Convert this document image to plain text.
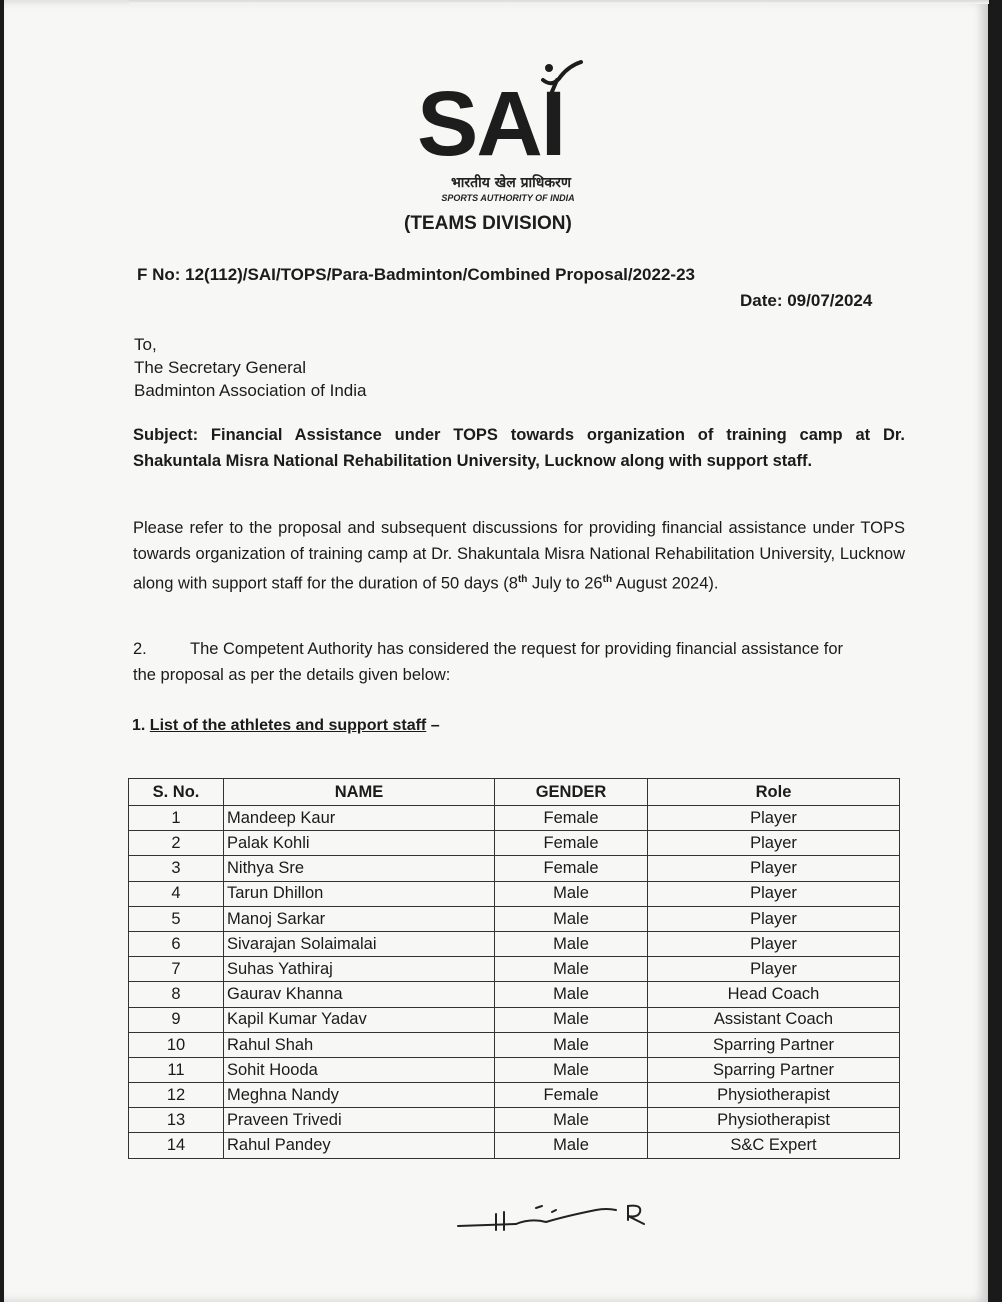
SAI
भारतीय खेल प्राधिकरण
SPORTS AUTHORITY OF INDIA
(TEAMS DIVISION)
F No: 12(112)/SAI/TOPS/Para-Badminton/Combined Proposal/2022-23
Date: 09/07/2024
To,
The Secretary General
Badminton Association of India
Subject: Financial Assistance under TOPS towards organization of training camp at Dr. Shakuntala Misra National Rehabilitation University, Lucknow along with support staff.
Please refer to the proposal and subsequent discussions for providing financial assistance under TOPS towards organization of training camp at Dr. Shakuntala Misra National Rehabilitation University, Lucknow along with support staff for the duration of 50 days (8th July to 26th August 2024).
2.	The Competent Authority has considered the request for providing financial assistance for the proposal as per the details given below:
1. List of the athletes and support staff –
S. No.	NAME	GENDER	Role
1	Mandeep Kaur	Female	Player
2	Palak Kohli	Female	Player
3	Nithya Sre	Female	Player
4	Tarun Dhillon	Male	Player
5	Manoj Sarkar	Male	Player
6	Sivarajan Solaimalai	Male	Player
7	Suhas Yathiraj	Male	Player
8	Gaurav Khanna	Male	Head Coach
9	Kapil Kumar Yadav	Male	Assistant Coach
10	Rahul Shah	Male	Sparring Partner
11	Sohit Hooda	Male	Sparring Partner
12	Meghna Nandy	Female	Physiotherapist
13	Praveen Trivedi	Male	Physiotherapist
14	Rahul Pandey	Male	S&C Expert
